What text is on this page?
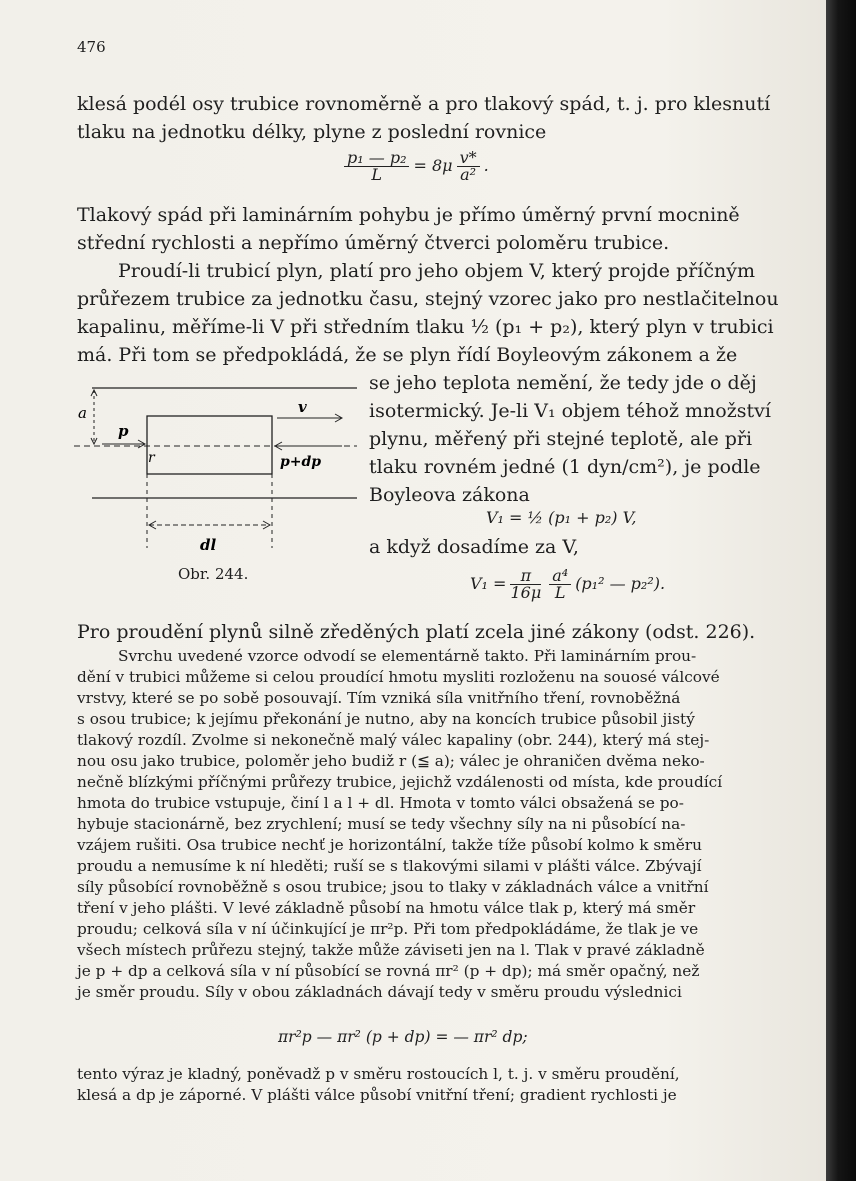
476
klesá podél osy trubice rovnoměrně a pro tlakový spád, t. j. pro klesnutí
tlaku na jednotku délky, plyne z poslední rovnice
$\frac{\text{p₁ — p₂}}{L} = 8\mu \frac{v*}{\text{a²}}$ .
Tlakový spád při laminárním pohybu je přímo úměrný první mocnině
střední rychlosti a nepřímo úměrný čtverci poloměru trubice.
Proudí-li trubicí plyn, platí pro jeho objem V, který projde příčným
průřezem trubice za jednotku času, stejný vzorec jako pro nestlačitelnou
kapalinu, měříme-li V při středním tlaku ½ (p₁ + p₂), který plyn v trubici
má. Při tom se předpokládá, že se plyn řídí Boyleovým zákonem a že
se jeho teplota nemění, že tedy jde o děj
isotermický. Je-li V₁ objem téhož množství
plynu, měřený při stejné teplotě, ale při
tlaku rovném jedné (1 dyn/cm²), je podle
Boyleova zákona
V₁ = ½ (p₁ + p₂) V,
a když dosadíme za V,
$V_1 = \frac{\pi}{16\mu} \frac{\text{a⁴}}{L} (p_1^2$ — p₂²).
a
p
v
p+dp
r
dl
Obr. 244.
Pro proudění plynů silně zředěných platí zcela jiné zákony (odst. 226).
Svrchu uvedené vzorce odvodí se elementárně takto. Při laminárním prou-
dění v trubici můžeme si celou proudící hmotu mysliti rozloženu na souosé válcové
vrstvy, které se po sobě posouvají. Tím vzniká síla vnitřního tření, rovnoběžná
s osou trubice; k jejímu překonání je nutno, aby na koncích trubice působil jistý
tlakový rozdíl. Zvolme si nekonečně malý válec kapaliny (obr. 244), který má stej-
nou osu jako trubice, poloměr jeho budiž r (≦ a); válec je ohraničen dvěma neko-
nečně blízkými příčnými průřezy trubice, jejichž vzdálenosti od místa, kde proudící
hmota do trubice vstupuje, činí l a l + dl. Hmota v tomto válci obsažená se po-
hybuje stacionárně, bez zrychlení; musí se tedy všechny síly na ni působící na-
vzájem rušiti. Osa trubice nechť je horizontální, takže tíže působí kolmo k směru
proudu a nemusíme k ní hleděti; ruší se s tlakovými silami v plášti válce. Zbývají
síly působící rovnoběžně s osou trubice; jsou to tlaky v základnách válce a vnitřní
tření v jeho plášti. V levé základně působí na hmotu válce tlak p, který má směr
proudu; celková síla v ní účinkující je πr²p. Při tom předpokládáme, že tlak je ve
všech místech průřezu stejný, takže může záviseti jen na l. Tlak v pravé základně
je p + dp a celková síla v ní působící se rovná πr² (p + dp); má směr opačný, než
je směr proudu. Síly v obou základnách dávají tedy v směru proudu výslednici
πr²p — πr² (p + dp) = — πr² dp;
tento výraz je kladný, poněvadž p v směru rostoucích l, t. j. v směru proudění,
klesá a dp je záporné. V plášti válce působí vnitřní tření; gradient rychlosti je
